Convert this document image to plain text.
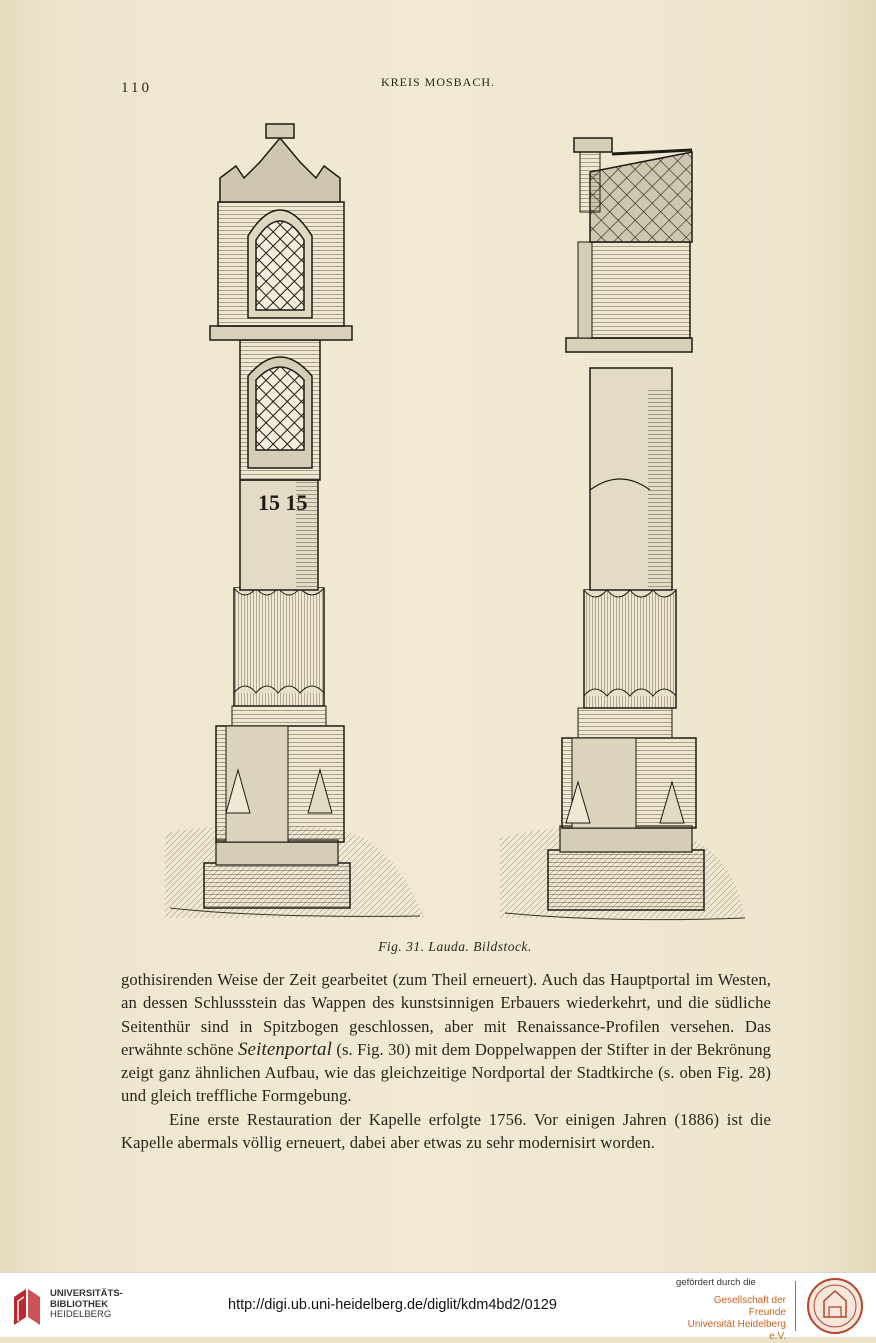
110	KREIS MOSBACH.
15 15
Fig. 31. Lauda. Bildstock.

gothisirenden Weise der Zeit gearbeitet (zum Theil erneuert). Auch das Hauptportal im Westen, an dessen Schlussstein das Wappen des kunstsinnigen Erbauers wiederkehrt, und die südliche Seitenthür sind in Spitzbogen geschlossen, aber mit Renaissance-Profilen versehen. Das erwähnte schöne Seitenportal (s. Fig. 30) mit dem Doppelwappen der Stifter in der Bekrönung zeigt ganz ähnlichen Aufbau, wie das gleichzeitige Nordportal der Stadtkirche (s. oben Fig. 28) und gleich treffliche Formgebung.

Eine erste Restauration der Kapelle erfolgte 1756. Vor einigen Jahren (1886) ist die Kapelle abermals völlig erneuert, dabei aber etwas zu sehr modernisirt worden.

UNIVERSITÄTS-
BIBLIOTHEK
HEIDELBERG
http://digi.ub.uni-heidelberg.de/diglit/kdm4bd2/0129
gefördert durch die
Gesellschaft der Freunde
Universität Heidelberg e.V.
